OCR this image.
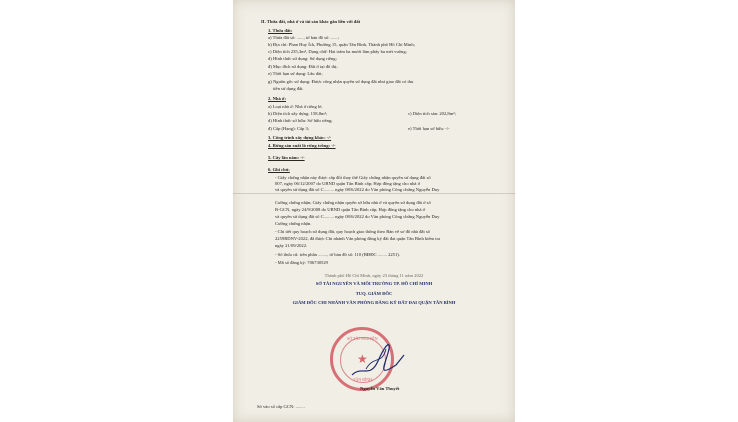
II. Thửa đất, nhà ở và tài sản khác gắn liền với đất
1. Thửa đất:
a) Thửa đất số: ......, tờ bản đồ số: ......;
b) Địa chỉ: Phan Huy Ích, Phường 15, quận Tân Bình, Thành phố Hồ Chí Minh;
c) Diện tích 235,3m², Dạng chữ: Hai trăm ba mươi lăm phẩy ba mét vuông;
d) Hình thức sử dụng: Sử dụng riêng;
đ) Mục đích sử dụng: Đất ở tại đô thị;
e) Thời hạn sử dụng: Lâu dài;
g) Nguồn gốc sử dụng: Được công nhận quyền sử dụng đất như giao đất có thu
tiền sử dụng đất.
2. Nhà ở:
a) Loại nhà ở: Nhà ở riêng lẻ;
b) Diện tích xây dựng: 158,8m²;	c) Diện tích sàn: 202,8m²;
d) Hình thức sở hữu: Sở hữu riêng;
đ) Cấp (Hạng): Cấp 3;	e) Thời hạn sở hữu: -/-
3. Công trình xây dựng khác: -/-
4. Rừng sản xuất là rừng trồng: -/-
5. Cây lâu năm: -/-
6. Ghi chú:
- Giấy chứng nhận này được cấp đổi thay thế Giấy chứng nhận quyền sử dụng đất số
007, ngày 06/12/2007 do UBND quận Tân Bình cấp; Hợp đồng tặng cho nhà ở
và quyền sử dụng đất số C......... ngày 08/6/2022 do Văn phòng Công chứng Nguyễn Duy
Cường chứng nhận; Giấy chứng nhận quyền sở hữu nhà ở và quyền sử dụng đất ở số
B-GCN, ngày 24/9/2008 do UBND quận Tân Bình cấp; Hợp đồng tặng cho nhà ở
và quyền sử dụng đất số C......... ngày 08/6/2022 do Văn phòng Công chứng Nguyễn Duy
Cường chứng nhận.
- Chi tiết quy hoạch sử dụng đất, quy hoạch giao thông theo Bản vẽ sơ đồ nhà đất số
2259BDNV-2022, đã được Chi nhánh Văn phòng đăng ký đất đai quận Tân Bình kiểm tra
ngày 21/09/2022.
- Số thửa cũ: trên phần ........, tờ bản đồ số: 110 (BĐĐC ........ 2251).
- Mã số đăng ký: 706730529
Thành phố Hồ Chí Minh, ngày 23 tháng 11 năm 2022
SỞ TÀI NGUYÊN VÀ MÔI TRƯỜNG TP. HỒ CHÍ MINH
TUQ. GIÁM ĐỐC
GIÁM ĐỐC CHI NHÁNH VĂN PHÒNG ĐĂNG KÝ ĐẤT ĐAI QUẬN TÂN BÌNH
★
SỞ TÀI NGUYÊN
TÂN BÌNH
Nguyễn Văn Thuyết
Số vào sổ cấp GCN: ........
